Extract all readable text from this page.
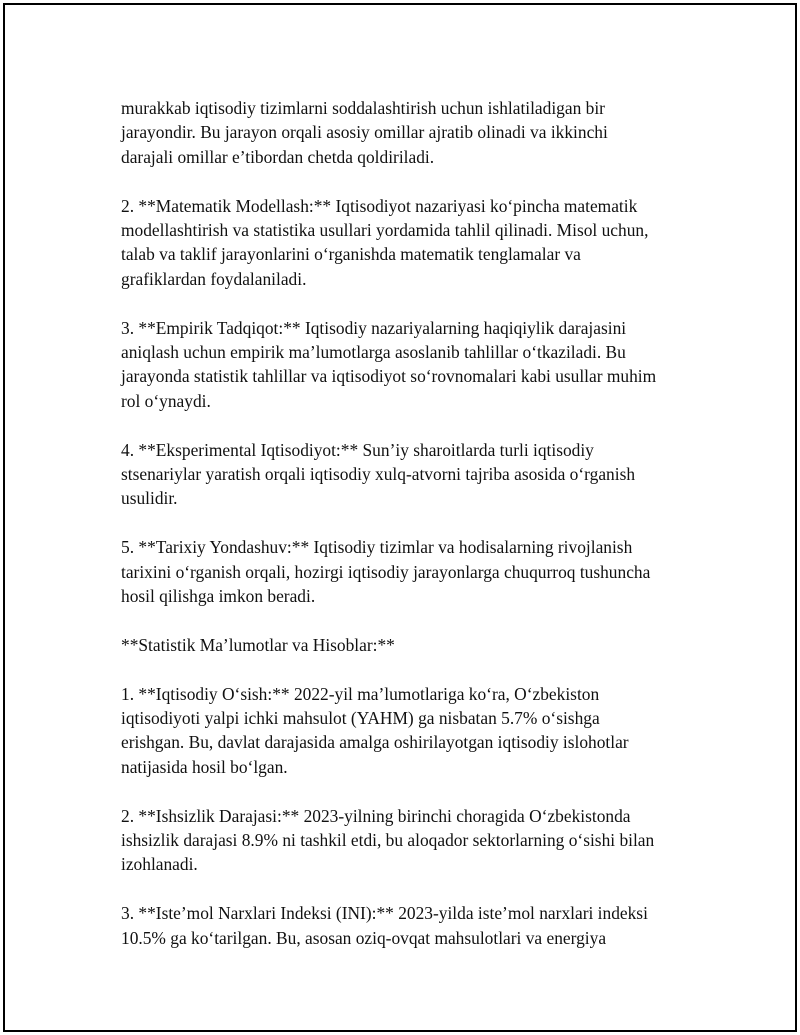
murakkab iqtisodiy tizimlarni soddalashtirish uchun ishlatiladigan bir
jarayondir. Bu jarayon orqali asosiy omillar ajratib olinadi va ikkinchi
darajali omillar e’tibordan chetda qoldiriladi.
2. **Matematik Modellash:** Iqtisodiyot nazariyasi koʻpincha matematik
modellashtirish va statistika usullari yordamida tahlil qilinadi. Misol uchun,
talab va taklif jarayonlarini oʻrganishda matematik tenglamalar va
grafiklardan foydalaniladi.
3. **Empirik Tadqiqot:** Iqtisodiy nazariyalarning haqiqiylik darajasini
aniqlash uchun empirik ma’lumotlarga asoslanib tahlillar oʻtkaziladi. Bu
jarayonda statistik tahlillar va iqtisodiyot soʻrovnomalari kabi usullar muhim
rol oʻynaydi.
4. **Eksperimental Iqtisodiyot:** Sun’iy sharoitlarda turli iqtisodiy
stsenariylar yaratish orqali iqtisodiy xulq-atvorni tajriba asosida oʻrganish
usulidir.
5. **Tarixiy Yondashuv:** Iqtisodiy tizimlar va hodisalarning rivojlanish
tarixini oʻrganish orqali, hozirgi iqtisodiy jarayonlarga chuqurroq tushuncha
hosil qilishga imkon beradi.
**Statistik Ma’lumotlar va Hisoblar:**
1. **Iqtisodiy Oʻsish:** 2022-yil ma’lumotlariga koʻra, Oʻzbekiston
iqtisodiyoti yalpi ichki mahsulot (YAHM) ga nisbatan 5.7% oʻsishga
erishgan. Bu, davlat darajasida amalga oshirilayotgan iqtisodiy islohotlar
natijasida hosil boʻlgan.
2. **Ishsizlik Darajasi:** 2023-yilning birinchi choragida Oʻzbekistonda
ishsizlik darajasi 8.9% ni tashkil etdi, bu aloqador sektorlarning oʻsishi bilan
izohlanadi.
3. **Iste’mol Narxlari Indeksi (INI):** 2023-yilda iste’mol narxlari indeksi
10.5% ga koʻtarilgan. Bu, asosan oziq-ovqat mahsulotlari va energiya
